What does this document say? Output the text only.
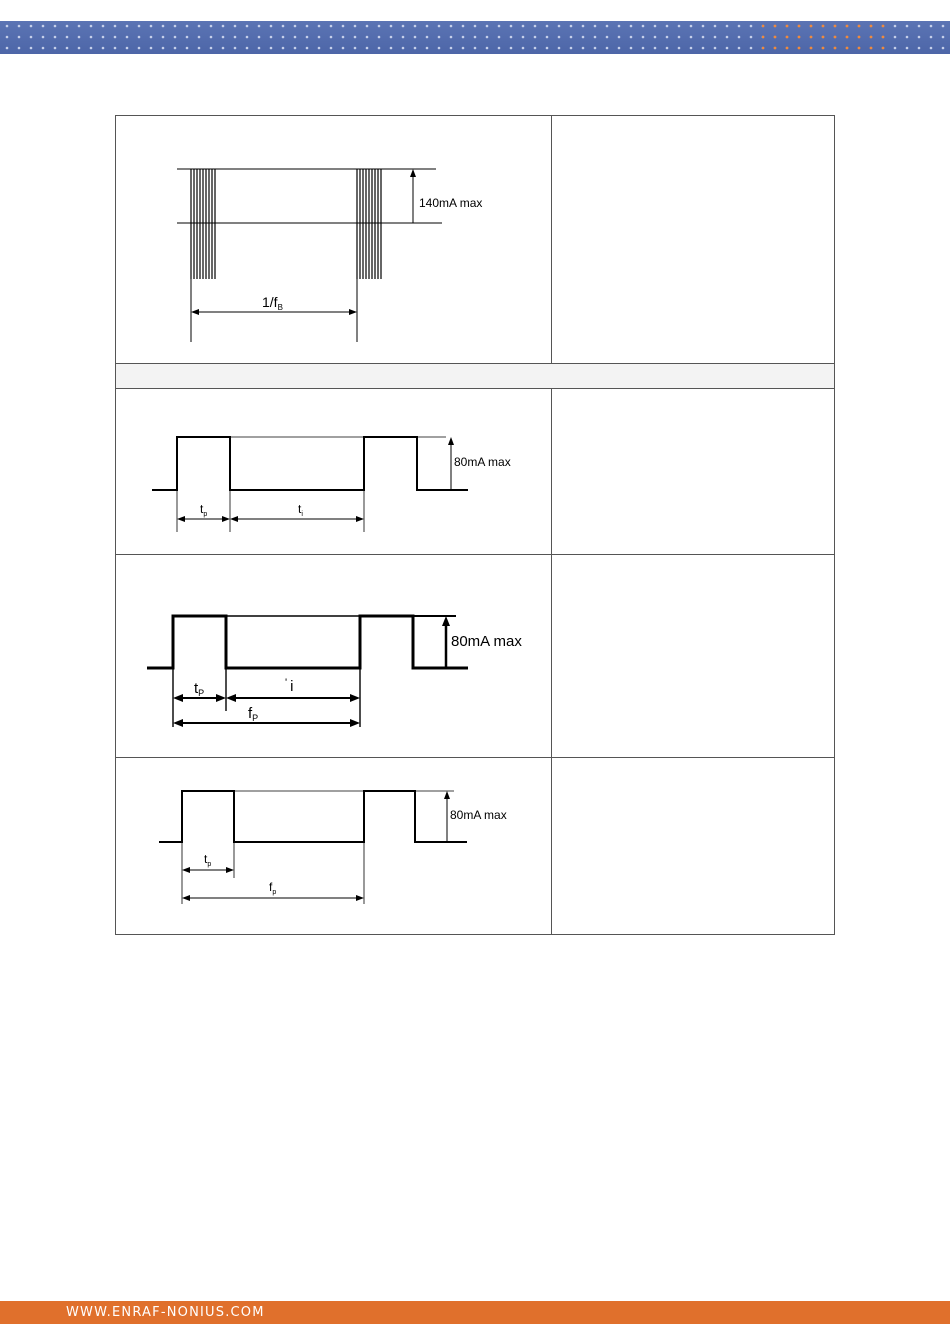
140mA max
$1/f_B$
80mA max
$t_p$	$t_i$
80mA max
$t_P$
' i
$f_P$
80mA max
$t_p$
$f_p$
WWW.ENRAF-NONIUS.COM
